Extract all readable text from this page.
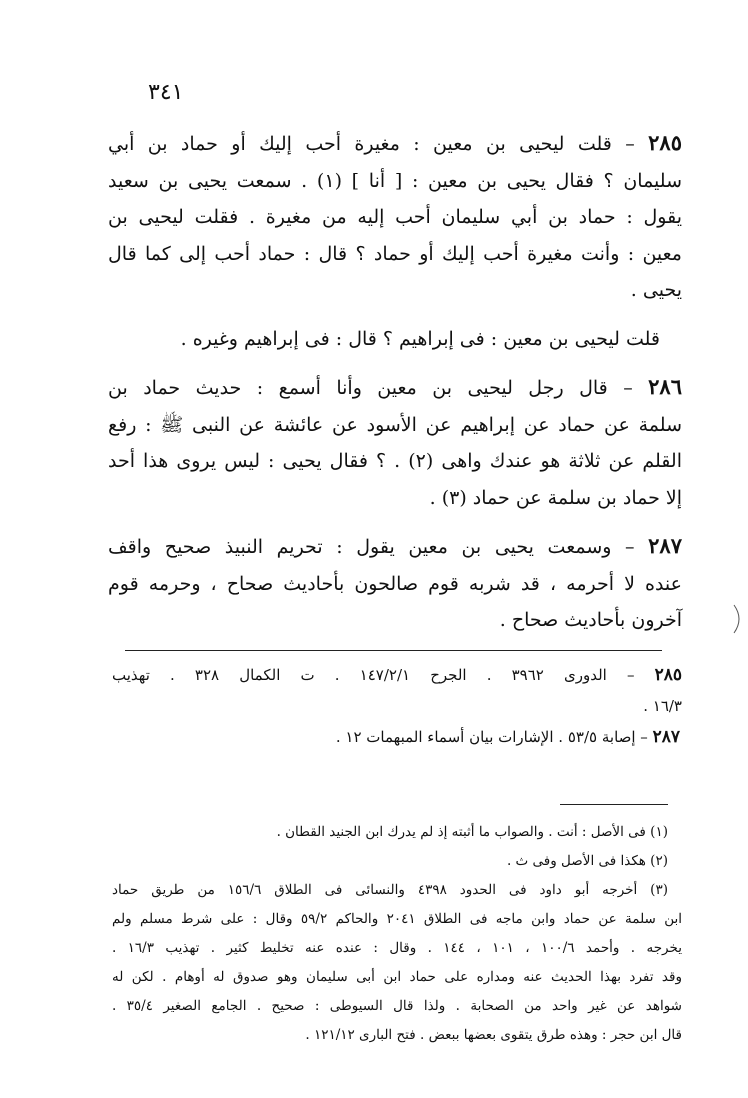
٣٤١
٢٨٥ – قلت ليحيى بن معين : مغيرة أحب إليك أو حماد بن أبي
سليمان ؟ فقال يحيى بن معين : [ أنا ] (١) . سمعت يحيى بن سعيد
يقول : حماد بن أبي سليمان أحب إليه من مغيرة . فقلت ليحيى بن
معين : وأنت مغيرة أحب إليك أو حماد ؟ قال : حماد أحب إلى كما قال
يحيى .
قلت ليحيى بن معين : فى إبراهيم ؟ قال : فى إبراهيم وغيره .
٢٨٦ – قال رجل ليحيى بن معين وأنا أسمع : حديث حماد بن
سلمة عن حماد عن إبراهيم عن الأسود عن عائشة عن النبى ﷺ : رفع
القلم عن ثلاثة هو عندك واهى (٢) . ؟ فقال يحيى : ليس يروى هذا أحد
إلا حماد بن سلمة عن حماد (٣) .
٢٨٧ – وسمعت يحيى بن معين يقول : تحريم النبيذ صحيح واقف
عنده لا أحرمه ، قد شربه قوم صالحون بأحاديث صحاح ، وحرمه قوم
آخرون بأحاديث صحاح .
٢٨٥ – الدورى ٣٩٦٢ . الجرح ١٤٧/٢/١ . ت الكمال ٣٢٨ . تهذيب
١٦/٣ .
٢٨٧ – إصابة ٥٣/٥ . الإشارات بيان أسماء المبهمات ١٢ .
(١) فى الأصل : أنت . والصواب ما أثبته إذ لم يدرك ابن الجنيد القطان .
(٢) هكذا فى الأصل وفى ث .
(٣) أخرجه أبو داود فى الحدود ٤٣٩٨ والنسائى فى الطلاق ١٥٦/٦ من طريق حماد
ابن سلمة عن حماد وابن ماجه فى الطلاق ٢٠٤١ والحاكم ٥٩/٢ وقال : على شرط مسلم ولم
يخرجه . وأحمد ١٠٠/٦ ، ١٠١ ، ١٤٤ . وقال : عنده عنه تخليط كثير . تهذيب ١٦/٣ .
وقد تفرد بهذا الحديث عنه ومداره على حماد ابن أبى سليمان وهو صدوق له أوهام . لكن له
شواهد عن غير واحد من الصحابة . ولذا قال السيوطى : صحيح . الجامع الصغير ٣٥/٤ .
قال ابن حجر : وهذه طرق يتقوى بعضها ببعض . فتح البارى ١٢١/١٢ .
